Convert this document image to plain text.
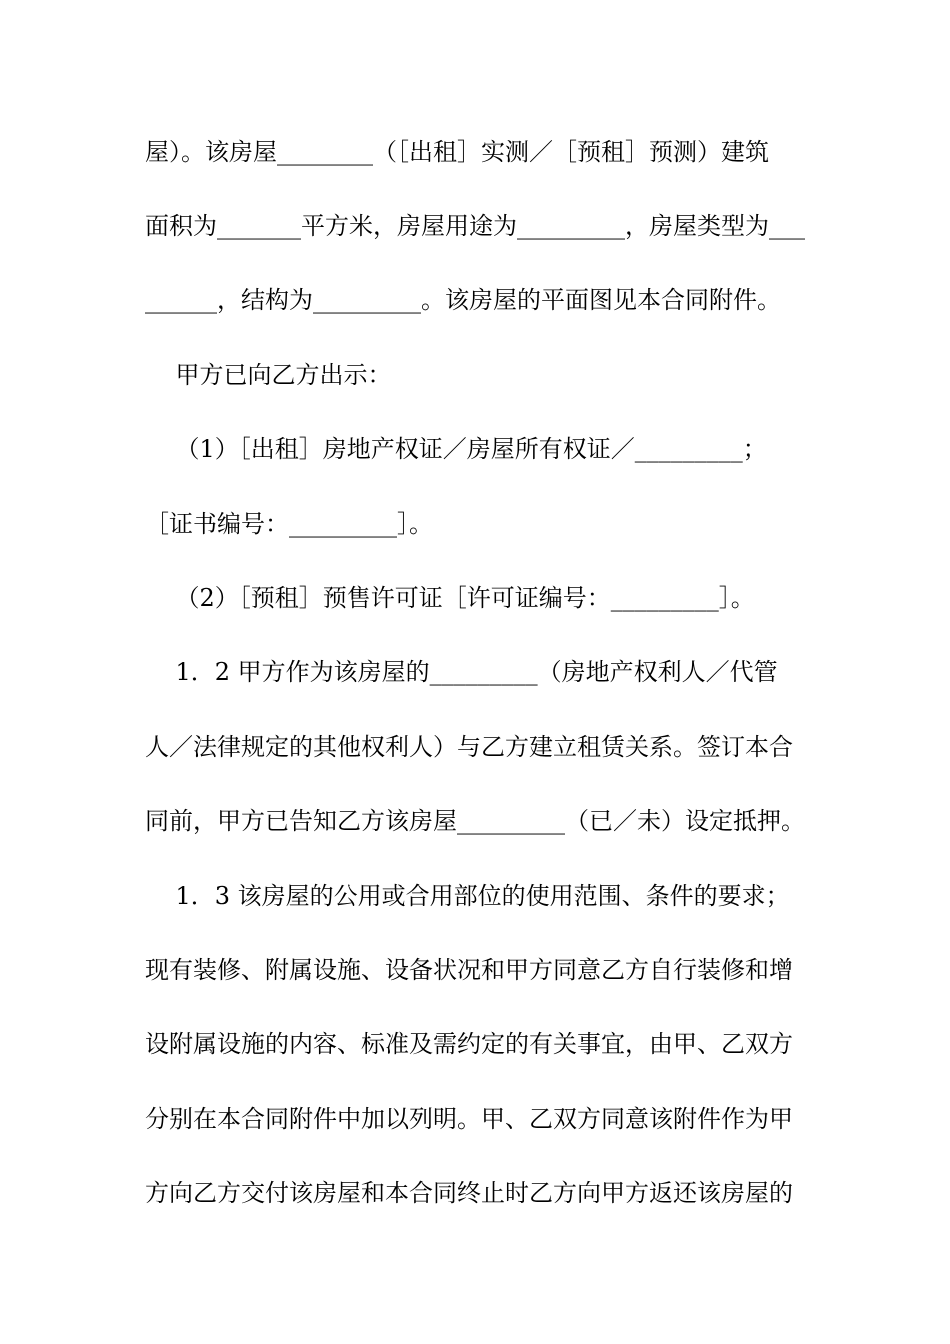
屋）。该房屋________（［出租］实测／［预租］预测）建筑
面积为_______平方米，房屋用途为_________，房屋类型为___
______，结构为_________。该房屋的平面图见本合同附件。
甲方已向乙方出示：
（1）［出租］房地产权证／房屋所有权证／_________；
［证书编号：_________］。
（2）［预租］预售许可证［许可证编号：_________］。
1．2 甲方作为该房屋的_________（房地产权利人／代管
人／法律规定的其他权利人）与乙方建立租赁关系。签订本合
同前，甲方已告知乙方该房屋_________（已／未）设定抵押。
1．3 该房屋的公用或合用部位的使用范围、条件的要求；
现有装修、附属设施、设备状况和甲方同意乙方自行装修和增
设附属设施的内容、标准及需约定的有关事宜，由甲、乙双方
分别在本合同附件中加以列明。甲、乙双方同意该附件作为甲
方向乙方交付该房屋和本合同终止时乙方向甲方返还该房屋的
